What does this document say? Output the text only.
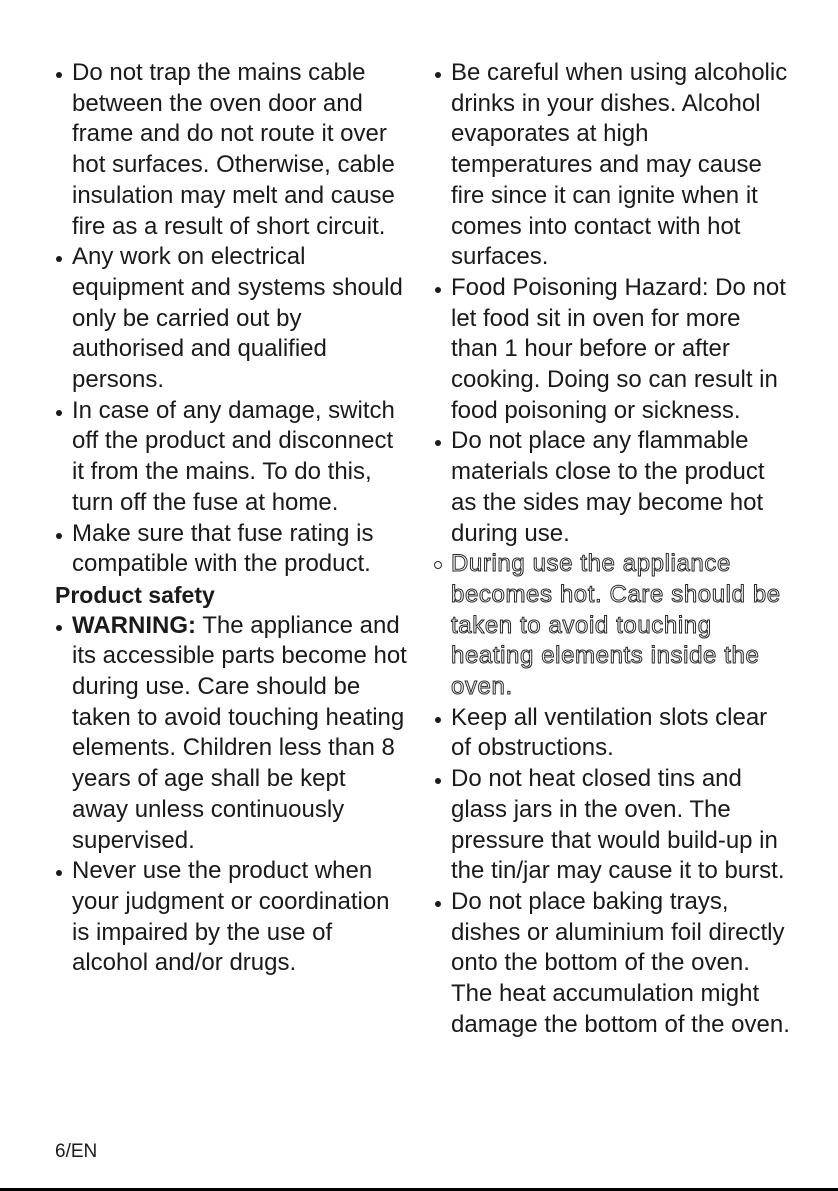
Do not trap the mains cable between the oven door and frame and do not route it over hot surfaces. Otherwise, cable insulation may melt and cause fire as a result of short circuit.
Any work on electrical equipment and systems should only be carried out by authorised and qualified persons.
In case of any damage, switch off the product and disconnect it from the mains. To do this, turn off the fuse at home.
Make sure that fuse rating is compatible with the product.
Product safety
WARNING: The appliance and its accessible parts become hot during use. Care should be taken to avoid touching heating elements. Children less than 8 years of age shall be kept away unless continuously supervised.
Never use the product when your judgment or coordination is impaired by the use of alcohol and/or drugs.
Be careful when using alcoholic drinks in your dishes. Alcohol evaporates at high temperatures and may cause fire since it can ignite when it comes into contact with hot surfaces.
Food Poisoning Hazard: Do not let food sit in oven for more than 1 hour before or after cooking. Doing so can result in food poisoning or sickness.
Do not place any flammable materials close to the product as the sides may become hot during use.
During use the appliance becomes hot. Care should be taken to avoid touching heating elements inside the oven.
Keep all ventilation slots clear of obstructions.
Do not heat closed tins and glass jars in the oven. The pressure that would build-up in the tin/jar may cause it to burst.
Do not place baking trays, dishes or aluminium foil directly onto the bottom of the oven. The heat accumulation might damage the bottom of the oven.
6/EN
